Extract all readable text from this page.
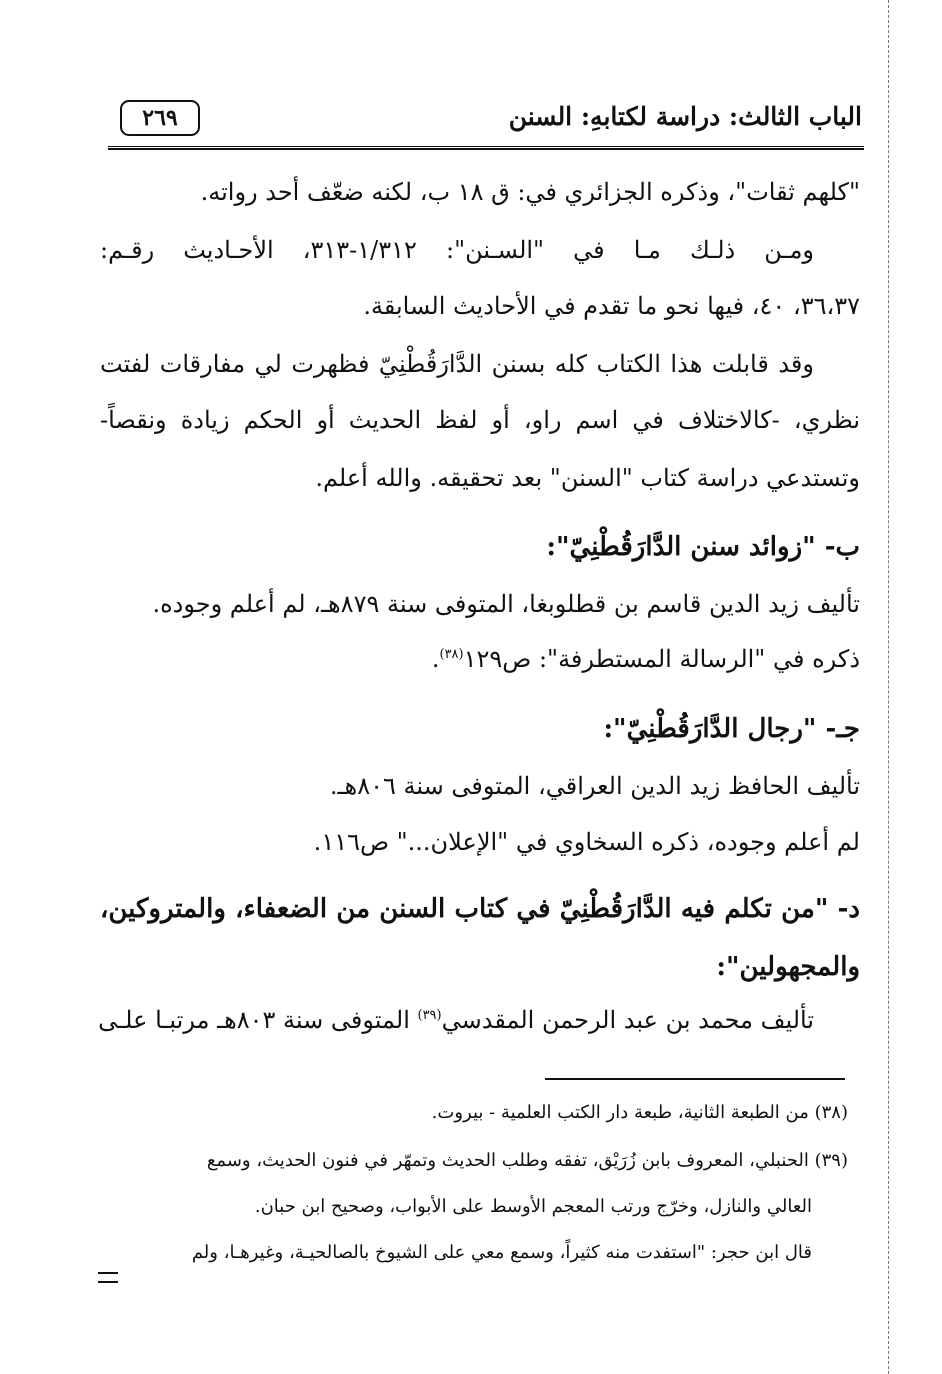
الباب الثالث: دراسة لكتابهِ: السنن
٢٦٩
"كلهم ثقات"، وذكره الجزائري في: ق ١٨ ب، لكنه ضعّف أحد رواته.
ومـن ذلـك مـا في "السـنن": ١/٣١٢-٣١٣، الأحـاديث رقـم:
٣٦،٣٧، ٤٠، فيها نحو ما تقدم في الأحاديث السابقة.
وقد قابلت هذا الكتاب كله بسنن الدَّارَقُطْنِيّ فظهرت لي مفارقات لفتت
نظري، -كالاختلاف في اسم راو، أو لفظ الحديث أو الحكم زيادة ونقصاً-
وتستدعي دراسة كتاب "السنن" بعد تحقيقه. والله أعلم.
ب- "زوائد سنن الدَّارَقُطْنِيّ":
تأليف زيد الدين قاسم بن قطلوبغا، المتوفى سنة ٨٧٩هـ، لم أعلم وجوده.
ذكره في "الرسالة المستطرفة": ص١٢٩$^{(٣٨)}$.
جـ- "رجال الدَّارَقُطْنِيّ":
تأليف الحافظ زيد الدين العراقي، المتوفى سنة ٨٠٦هـ.
لم أعلم وجوده، ذكره السخاوي في "الإعلان..." ص١١٦.
د- "من تكلم فيه الدَّارَقُطْنِيّ في كتاب السنن من الضعفاء، والمتروكين،
والمجهولين":
تأليف محمد بن عبد الرحمن المقدسي$^{(٣٩)}$ المتوفى سنة ٨٠٣هـ مرتبـا علـى
(٣٨) من الطبعة الثانية، طبعة دار الكتب العلمية - بيروت.
(٣٩) الحنبلي، المعروف بابن زُرَيْق، تفقه وطلب الحديث وتمهّر في فنون الحديث، وسمع
العالي والنازل، وخرّج ورتب المعجم الأوسط على الأبواب، وصحيح ابن حبان.
قال ابن حجر: "استفدت منه كثيراً، وسمع معي على الشيوخ بالصالحيـة، وغيرهـا، ولم
